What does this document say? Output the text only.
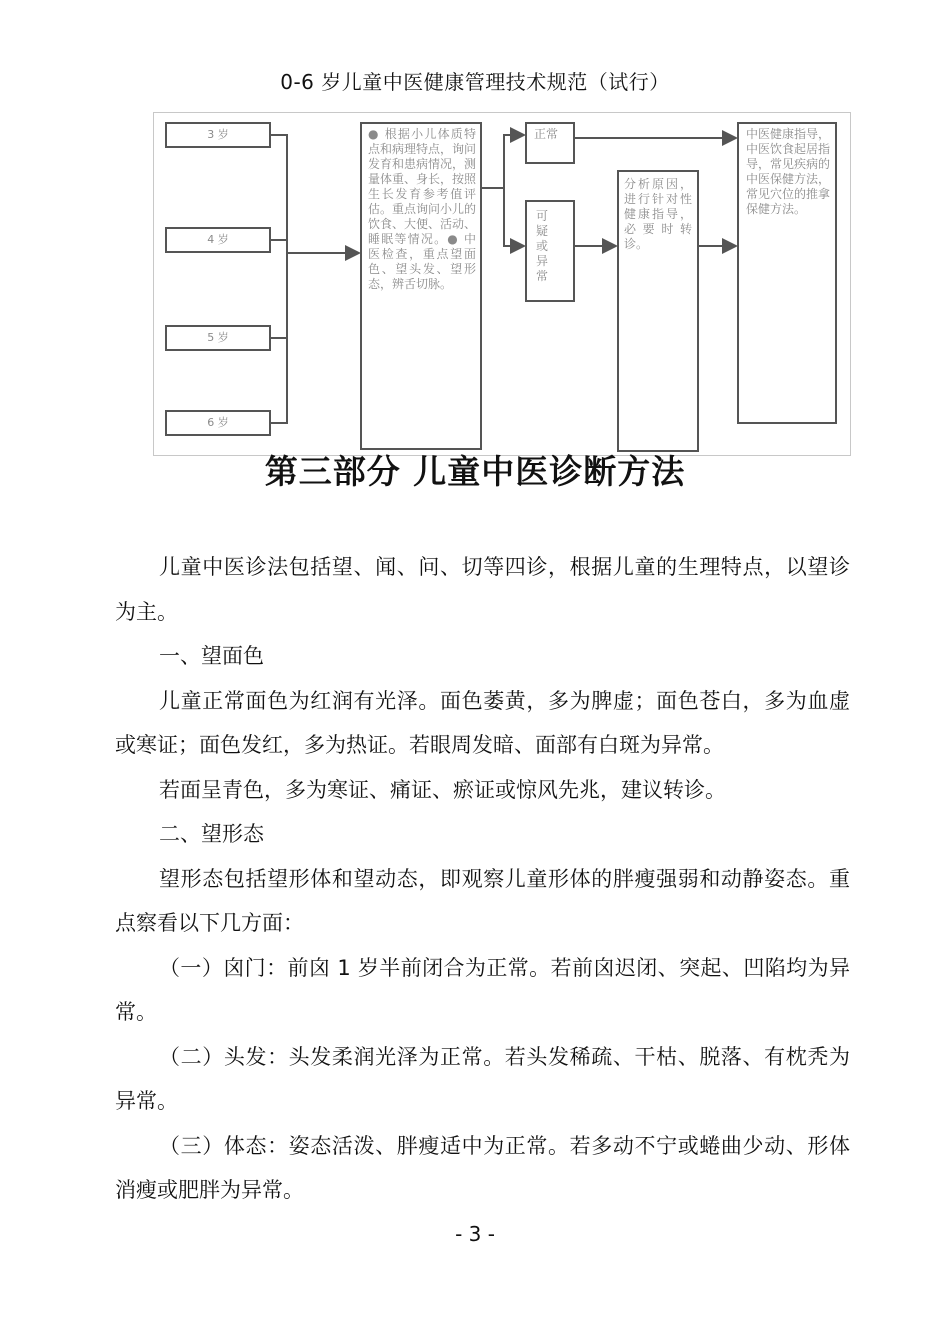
0-6 岁儿童中医健康管理技术规范（试行）
3 岁
4 岁
5 岁
6 岁
● 根据小儿体质特点和病理特点，询问发育和患病情况，测量体重、身长，按照生长发育参考值评估。重点询问小儿的饮食、大便、活动、睡眠等情况。● 中医检查，重点望面色、望头发、望形态，辨舌切脉。
正常
可疑或异常
分析原因，进行针对性健康指导，必要时转诊。
中医健康指导，中医饮食起居指导，常见疾病的中医保健方法，常见穴位的推拿保健方法。
第三部分 儿童中医诊断方法

儿童中医诊法包括望、闻、问、切等四诊，根据儿童的生理特点，以望诊为主。

一、望面色

儿童正常面色为红润有光泽。面色萎黄，多为脾虚；面色苍白，多为血虚或寒证；面色发红，多为热证。若眼周发暗、面部有白斑为异常。

若面呈青色，多为寒证、痛证、瘀证或惊风先兆，建议转诊。

二、望形态

望形态包括望形体和望动态，即观察儿童形体的胖瘦强弱和动静姿态。重点察看以下几方面：

（一）囟门：前囟 1 岁半前闭合为正常。若前囟迟闭、突起、凹陷均为异常。

（二）头发：头发柔润光泽为正常。若头发稀疏、干枯、脱落、有枕秃为异常。

（三）体态：姿态活泼、胖瘦适中为正常。若多动不宁或蜷曲少动、形体消瘦或肥胖为异常。

- 3 -
